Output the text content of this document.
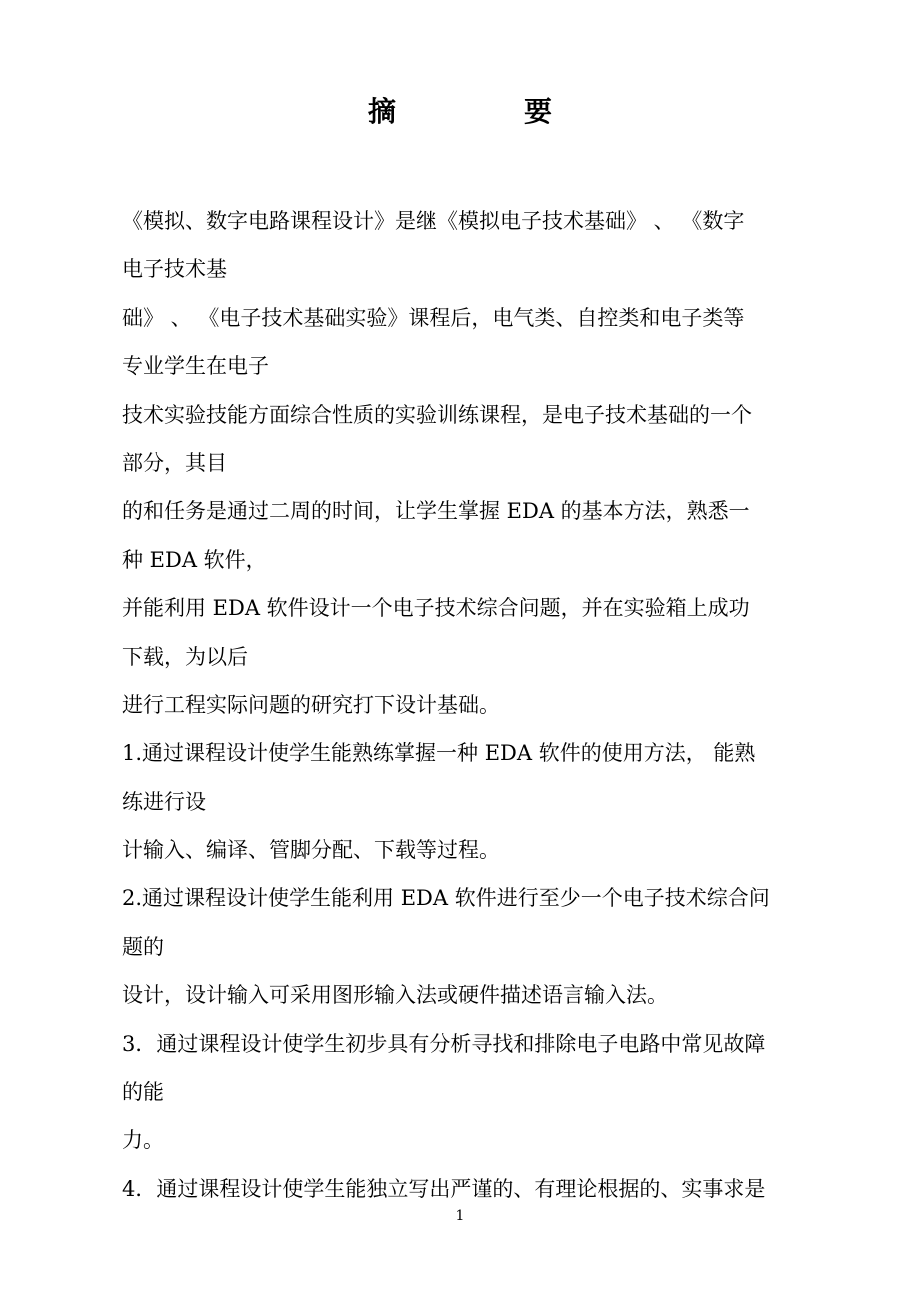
摘　要

《模拟、数字电路课程设计》是继《模拟电子技术基础》 、 《数字

电子技术基

础》 、 《电子技术基础实验》课程后，电气类、自控类和电子类等

专业学生在电子

技术实验技能方面综合性质的实验训练课程，是电子技术基础的一个

部分，其目

的和任务是通过二周的时间，让学生掌握 EDA 的基本方法，熟悉一

种 EDA 软件，

并能利用 EDA 软件设计一个电子技术综合问题，并在实验箱上成功

下载，为以后

进行工程实际问题的研究打下设计基础。

1.通过课程设计使学生能熟练掌握一种 EDA 软件的使用方法， 能熟

练进行设

计输入、编译、管脚分配、下载等过程。

2.通过课程设计使学生能利用 EDA 软件进行至少一个电子技术综合问

题的

设计，设计输入可采用图形输入法或硬件描述语言输入法。

3．通过课程设计使学生初步具有分析寻找和排除电子电路中常见故障

的能

力。

4．通过课程设计使学生能独立写出严谨的、有理论根据的、实事求是

1
